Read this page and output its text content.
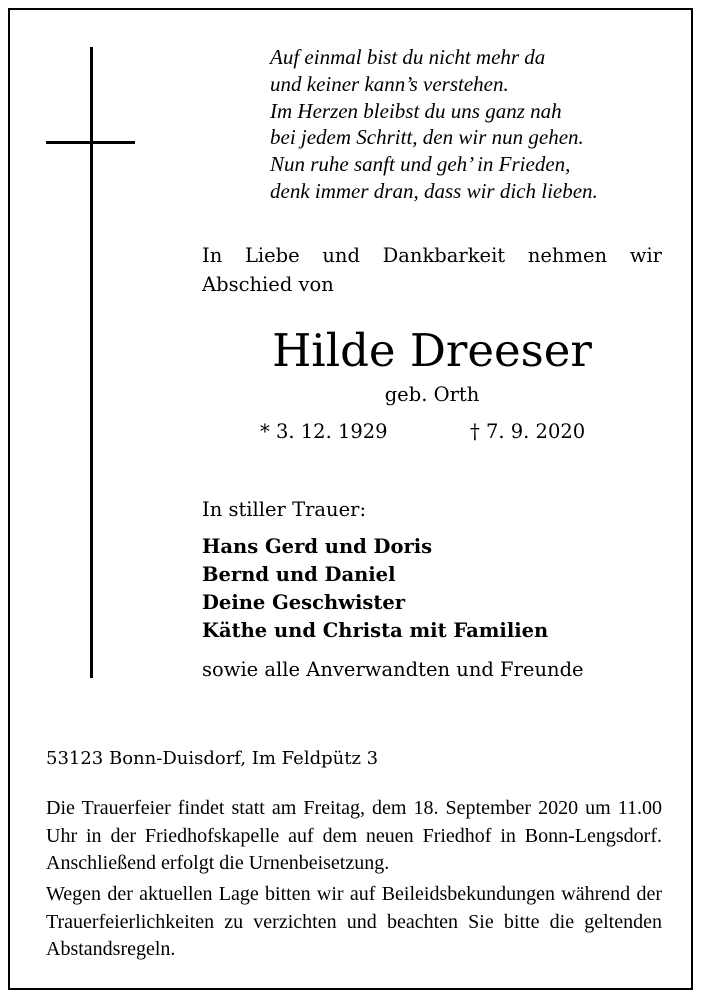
Auf einmal bist du nicht mehr da
und keiner kann’s verstehen.
Im Herzen bleibst du uns ganz nah
bei jedem Schritt, den wir nun gehen.
Nun ruhe sanft und geh’ in Frieden,
denk immer dran, dass wir dich lieben.
In Liebe und Dankbarkeit nehmen wir Abschied von
Hilde Dreeser
geb. Orth
* 3. 12. 1929	† 7. 9. 2020
In stiller Trauer:
Hans Gerd und Doris
Bernd und Daniel
Deine Geschwister
Käthe und Christa mit Familien
sowie alle Anverwandten und Freunde
53123 Bonn-Duisdorf, Im Feldpütz 3
Die Trauerfeier findet statt am Freitag, dem 18. September 2020 um 11.00 Uhr in der Friedhofskapelle auf dem neuen Friedhof in Bonn-Lengsdorf. Anschließend erfolgt die Urnenbeisetzung.
Wegen der aktuellen Lage bitten wir auf Beileidsbekundungen während der Trauerfeierlichkeiten zu verzichten und beachten Sie bitte die geltenden Abstandsregeln.
